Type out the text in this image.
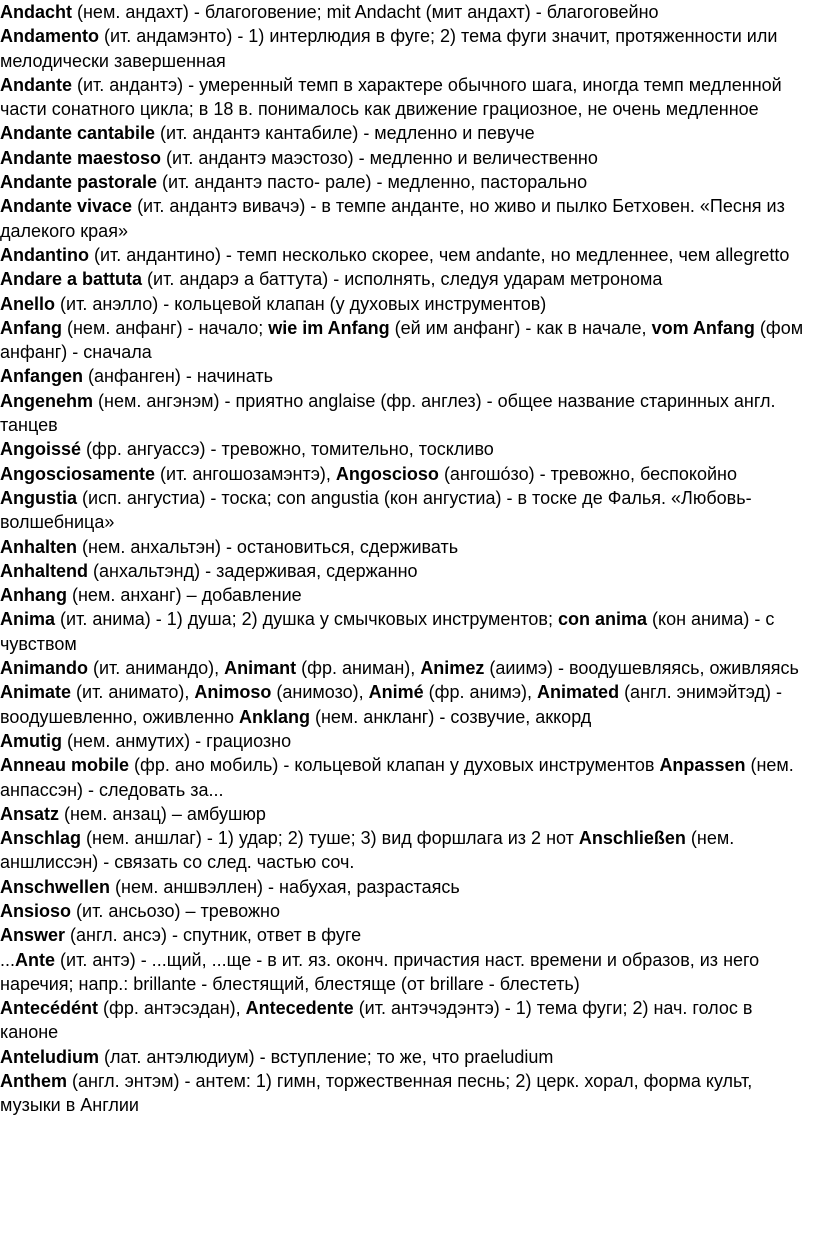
Andacht (нем. андахт) - благоговение; mit Andacht (мит андахт) - благоговейно

Andamento (ит. андамэнто) - 1) интерлюдия в фуге; 2) тема фуги значит, протяженности или мелодически завершенная

Andante (ит. андантэ) - умеренный темп в характере обычного шага, иногда темп медленной части сонатного цикла; в 18 в. понималось как движение грациозное, не очень медленное

Andante cantabile (ит. андантэ кантабиле) - медленно и певуче

Andante maestoso (ит. андантэ маэстозо) - медленно и величественно

Andante pastorale (ит. андантэ пасто- рале) - медленно, пасторально

Andante vivace (ит. андантэ вивачэ) - в темпе анданте, но живо и пылко Бетховен. «Песня из далекого края»

Andantino (ит. андантино) - темп несколько скорее, чем andante, но медленнее, чем allegretto

Andare a battuta (ит. андарэ а баттута) - исполнять, следуя ударам метронома

Anello (ит. анэлло) - кольцевой клапан (у духовых инструментов)

Anfang (нем. анфанг) - начало; wie im Anfang (ей им анфанг) - как в начале, vom Anfang (фом анфанг) - сначала

Anfangen (анфанген) - начинать

Angenehm (нем. ангэнэм) - приятно anglaise (фр. англез) - общее название старинных англ. танцев

Angoissé (фр. ангуассэ) - тревожно, томительно, тоскливо

Angosciosamente (ит. ангошозамэнтэ), Angoscioso (ангошо́зо) - тревожно, беспокойно

Angustia (исп. ангустиа) - тоска; con angustia (кон ангустиа) - в тоске де Фалья. «Любовь-волшебница»

Anhalten (нем. анхальтэн) - остановиться, сдерживать

Anhaltend (анхальтэнд) - задерживая, сдержанно

Anhang (нем. анханг) – добавление

Anima (ит. анима) - 1) душа; 2) душка у смычковых инструментов; con anima (кон анима) - с чувством

Animando (ит. анимандо), Animant (фр. аниман), Animez (аиимэ) - воодушевляясь, оживляясь

Animate (ит. анимато), Animoso (анимозо), Animé (фр. анимэ), Animated (англ. энимэйтэд) - воодушевленно, оживленно Anklang (нем. анкланг) - созвучие, аккорд

Amutig (нем. анмутих) - грациозно

Anneau mobile (фр. ано мобиль) - кольцевой клапан у духовых инструментов Anpassen (нем. анпассэн) - следовать за...

Ansatz (нем. анзац) – амбушюр

Anschlag (нем. аншлаг) - 1) удар; 2) туше; 3) вид форшлага из 2 нот Anschließen (нем. аншлиссэн) - связать со след. частью соч.

Anschwellen (нем. аншвэллен) - набухая, разрастаясь

Ansioso (ит. ансьозо) – тревожно

Answer (англ. ансэ) - спутник, ответ в фуге

...Ante (ит. антэ) - ...щий, ...ще - в ит. яз. оконч. причастия наст. времени и образов, из него наречия; напр.: brillante - блестящий, блестяще (от brillare - блестеть)

Antecédént (фр. антэсэдан), Antecedente (ит. антэчэдэнтэ) - 1) тема фуги; 2) нач. голос в каноне

Anteludium (лат. антэлюдиум) - вступление; то же, что praeludium

Anthem (англ. энтэм) - антем: 1) гимн, торжественная песнь; 2) церк. хорал, форма культ, музыки в Англии
